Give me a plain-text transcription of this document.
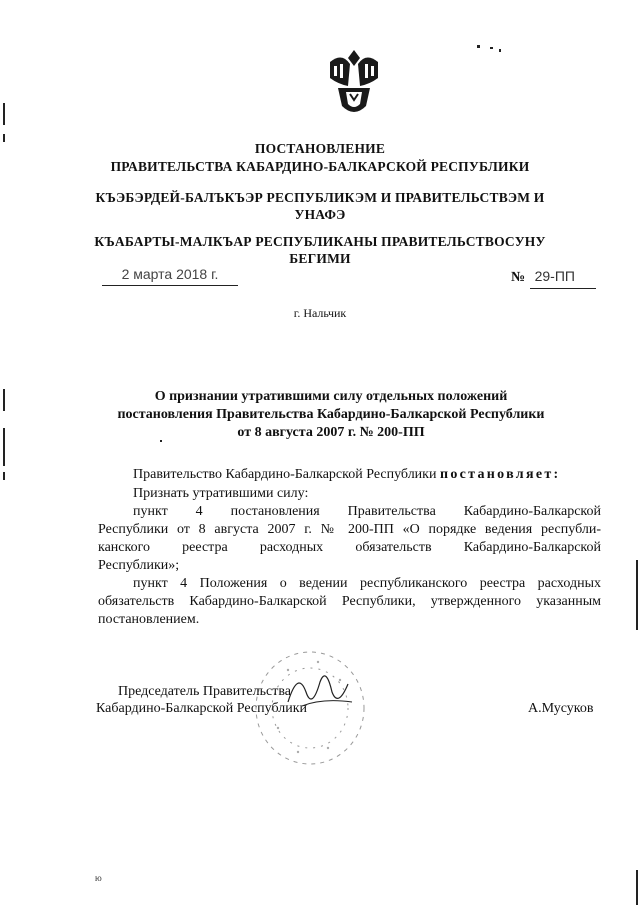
ПОСТАНОВЛЕНИЕ
ПРАВИТЕЛЬСТВА КАБАРДИНО-БАЛКАРСКОЙ РЕСПУБЛИКИ
КЪЭБЭРДЕЙ-БАЛЪКЪЭР РЕСПУБЛИКЭМ И ПРАВИТЕЛЬСТВЭМ И
УНАФЭ
КЪАБАРТЫ-МАЛКЪАР РЕСПУБЛИКАНЫ ПРАВИТЕЛЬСТВОСУНУ
БЕГИМИ
2 марта 2018 г.	№ 29-ПП
г. Нальчик
О признании утратившими силу отдельных положений
постановления Правительства Кабардино-Балкарской Республики
от 8 августа 2007 г. № 200-ПП
Правительство Кабардино-Балкарской Республики постановляет:
Признать утратившими силу:
пункт 4 постановления Правительства Кабардино-Балкарской
Республики от 8 августа 2007 г. № 200-ПП «О порядке ведения республи-
канского реестра расходных обязательств Кабардино-Балкарской
Республики»;
пункт 4 Положения о ведении республиканского реестра расходных
обязательств Кабардино-Балкарской Республики, утвержденного указанным
постановлением.
Председатель Правительства
Кабардино-Балкарской Республики	А.Мусуков
ю
